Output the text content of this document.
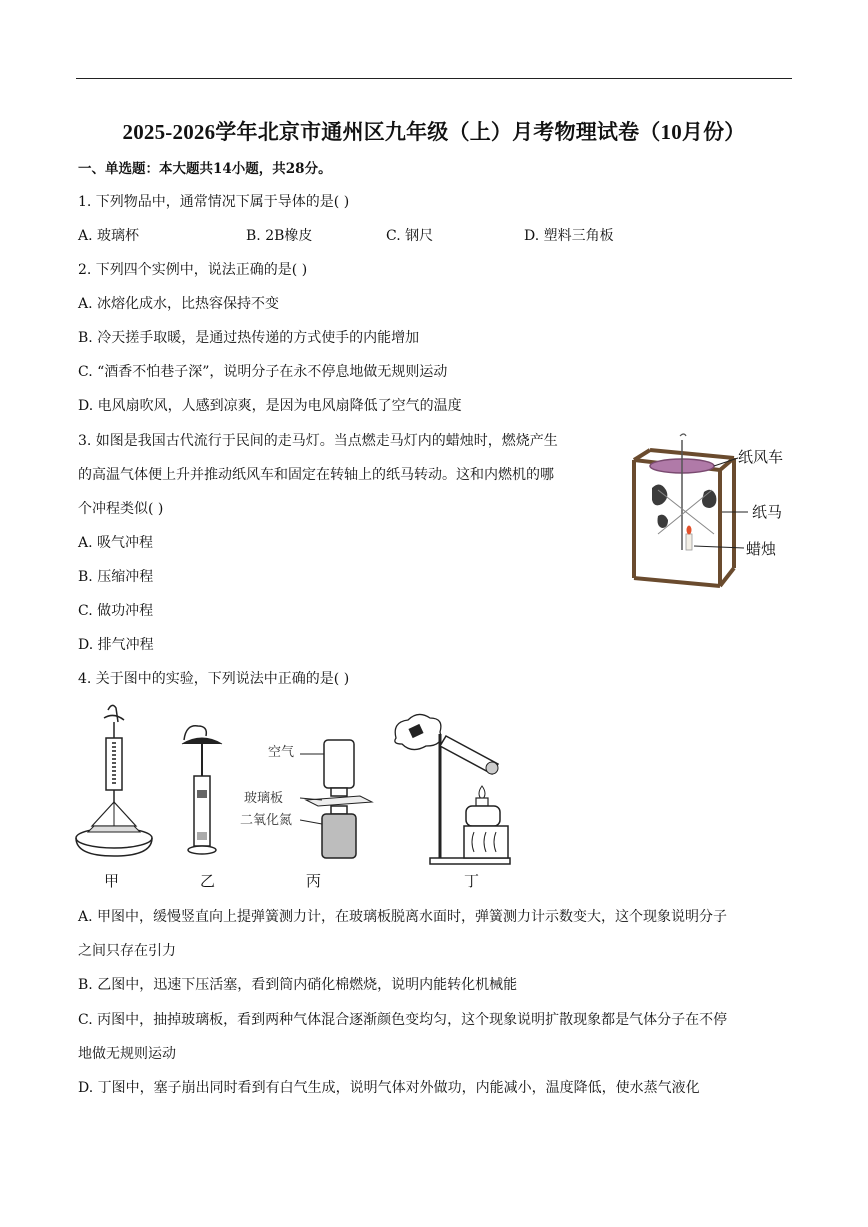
2025-2026学年北京市通州区九年级（上）月考物理试卷（10月份）
一、单选题：本大题共14小题，共28分。
1. 下列物品中，通常情况下属于导体的是( )
A. 玻璃杯	B. 2B橡皮	C. 钢尺	D. 塑料三角板
2. 下列四个实例中，说法正确的是( )
A. 冰熔化成水，比热容保持不变
B. 冷天搓手取暖，是通过热传递的方式使手的内能增加
C. “酒香不怕巷子深”，说明分子在永不停息地做无规则运动
D. 电风扇吹风，人感到凉爽，是因为电风扇降低了空气的温度
3. 如图是我国古代流行于民间的走马灯。当点燃走马灯内的蜡烛时，燃烧产生
的高温气体便上升并推动纸风车和固定在转轴上的纸马转动。这和内燃机的哪
个冲程类似( )
A. 吸气冲程
B. 压缩冲程
C. 做功冲程
D. 排气冲程
纸风车
纸马
蜡烛
4. 关于图中的实验，下列说法中正确的是( )
甲	乙
空气
玻璃板
二氧化氮
丙	丁
A. 甲图中，缓慢竖直向上提弹簧测力计，在玻璃板脱离水面时，弹簧测力计示数变大，这个现象说明分子
之间只存在引力
B. 乙图中，迅速下压活塞，看到筒内硝化棉燃烧，说明内能转化机械能
C. 丙图中，抽掉玻璃板，看到两种气体混合逐渐颜色变均匀，这个现象说明扩散现象都是气体分子在不停
地做无规则运动
D. 丁图中，塞子崩出同时看到有白气生成，说明气体对外做功，内能减小，温度降低，使水蒸气液化
